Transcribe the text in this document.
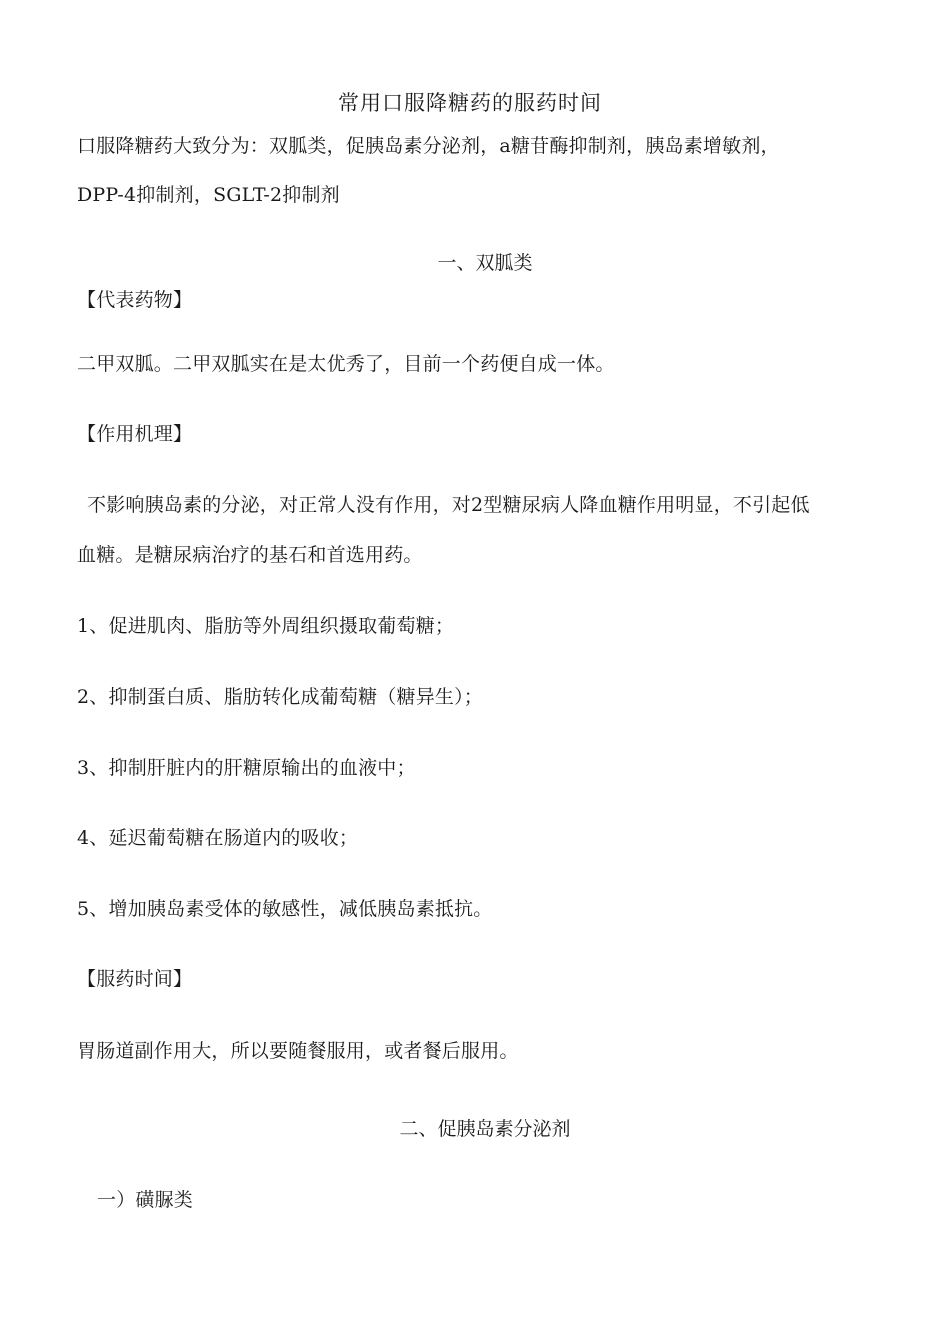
常用口服降糖药的服药时间
口服降糖药大致分为：双胍类，促胰岛素分泌剂，a糖苷酶抑制剂，胰岛素增敏剂，
DPP-4抑制剂，SGLT-2抑制剂
一、双胍类
【代表药物】
二甲双胍。二甲双胍实在是太优秀了，目前一个药便自成一体。
【作用机理】
不影响胰岛素的分泌，对正常人没有作用，对2型糖尿病人降血糖作用明显，不引起低
血糖。是糖尿病治疗的基石和首选用药。
1、促进肌肉、脂肪等外周组织摄取葡萄糖；
2、抑制蛋白质、脂肪转化成葡萄糖（糖异生）；
3、抑制肝脏内的肝糖原输出的血液中；
4、延迟葡萄糖在肠道内的吸收；
5、增加胰岛素受体的敏感性，减低胰岛素抵抗。
【服药时间】
胃肠道副作用大，所以要随餐服用，或者餐后服用。
二、促胰岛素分泌剂
一）磺脲类
